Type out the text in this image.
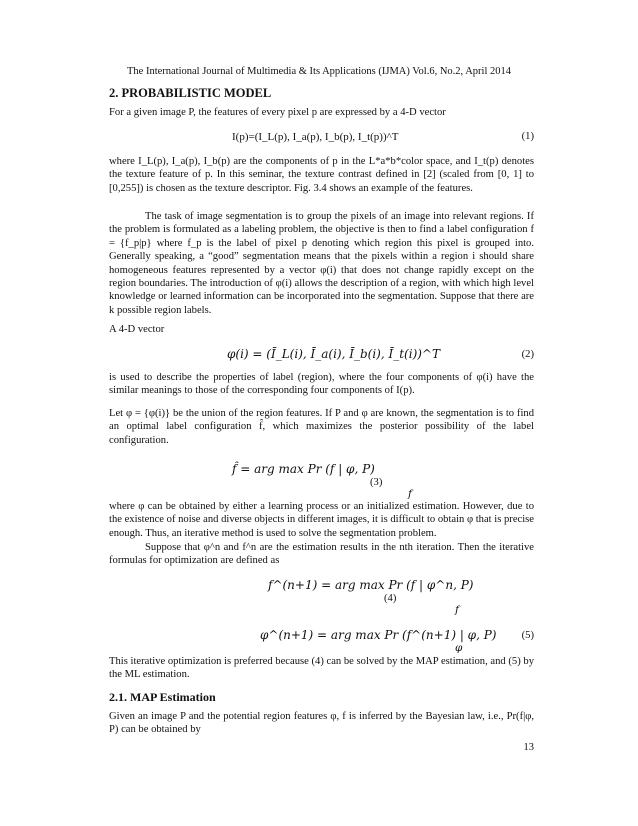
The International Journal of Multimedia & Its Applications (IJMA) Vol.6, No.2, April 2014
2. PROBABILISTIC MODEL

For a given image P, the features of every pixel p are expressed by a 4-D vector

I(p)=(I_L(p), I_a(p), I_b(p), I_t(p))^T	(1)

where I_L(p), I_a(p), I_b(p) are the components of p in the L*a*b*color space, and I_t(p) denotes the texture feature of p. In this seminar, the texture contrast defined in [2] (scaled from [0, 1] to [0,255]) is chosen as the texture descriptor. Fig. 3.4 shows an example of the features.

The task of image segmentation is to group the pixels of an image into relevant regions. If the problem is formulated as a labeling problem, the objective is then to find a label configuration f = {f_p|p} where f_p is the label of pixel p denoting which region this pixel is grouped into. Generally speaking, a “good” segmentation means that the pixels within a region i should share homogeneous features represented by a vector φ(i) that does not change rapidly except on the region boundaries. The introduction of φ(i) allows the description of a region, with which high level knowledge or learned information can be incorporated into the segmentation. Suppose that there are k possible region labels.

A 4-D vector

φ(i) = (Ī_L(i), Ī_a(i), Ī_b(i), Ī_t(i))^T	(2)

is used to describe the properties of label (region), where the four components of φ(i) have the similar meanings to those of the corresponding four components of I(p).

Let φ = {φ(i)} be the union of the region features. If P and φ are known, the segmentation is to find an optimal label configuration f̂, which maximizes the posterior possibility of the label configuration.

f̂ = arg max Pr (f | φ, P)
(3)
f

where φ can be obtained by either a learning process or an initialized estimation. However, due to the existence of noise and diverse objects in different images, it is difficult to obtain φ that is precise enough. Thus, an iterative method is used to solve the segmentation problem.

Suppose that φ^n and f^n are the estimation results in the nth iteration. Then the iterative formulas for optimization are defined as

f^(n+1) = arg max Pr (f | φ^n, P)
(4)
f
φ^(n+1) = arg max Pr (f^(n+1) | φ, P) (5)
φ

This iterative optimization is preferred because (4) can be solved by the MAP estimation, and (5) by the ML estimation.

2.1. MAP Estimation

Given an image P and the potential region features φ, f is inferred by the Bayesian law, i.e., Pr(f|φ, P) can be obtained by

13
